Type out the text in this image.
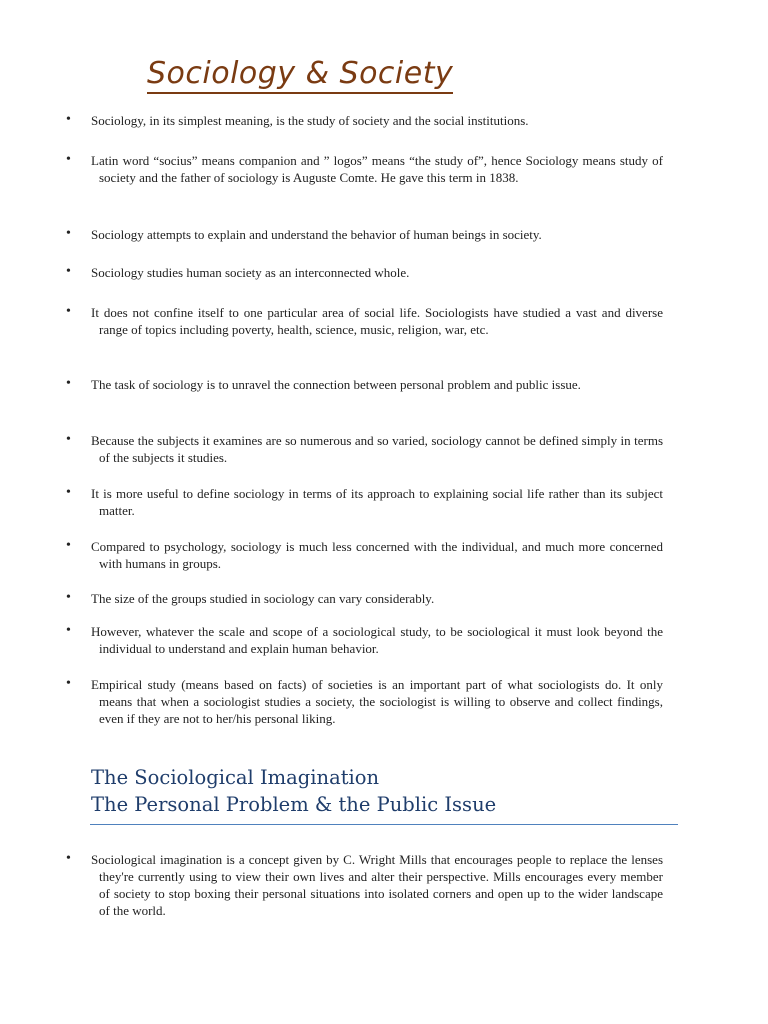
Sociology & Society
• Sociology, in its simplest meaning, is the study of society and the social institutions.
• Latin word “socius” means companion and ” logos” means “the study of”, hence Sociology means study of society and the father of sociology is Auguste Comte. He gave this term in 1838.
• Sociology attempts to explain and understand the behavior of human beings in society.
• Sociology studies human society as an interconnected whole.
• It does not confine itself to one particular area of social life. Sociologists have studied a vast and diverse range of topics including poverty, health, science, music, religion, war, etc.
• The task of sociology is to unravel the connection between personal problem and public issue.
• Because the subjects it examines are so numerous and so varied, sociology cannot be defined simply in terms of the subjects it studies.
• It is more useful to define sociology in terms of its approach to explaining social life rather than its subject matter.
• Compared to psychology, sociology is much less concerned with the individual, and much more concerned with humans in groups.
• The size of the groups studied in sociology can vary considerably.
• However, whatever the scale and scope of a sociological study, to be sociological it must look beyond the individual to understand and explain human behavior.
• Empirical study (means based on facts) of societies is an important part of what sociologists do. It only means that when a sociologist studies a society, the sociologist is willing to observe and collect findings, even if they are not to her/his personal liking.
The Sociological Imagination
The Personal Problem & the Public Issue
• Sociological imagination is a concept given by C. Wright Mills that encourages people to replace the lenses they're currently using to view their own lives and alter their perspective. Mills encourages every member of society to stop boxing their personal situations into isolated corners and open up to the wider landscape of the world.
